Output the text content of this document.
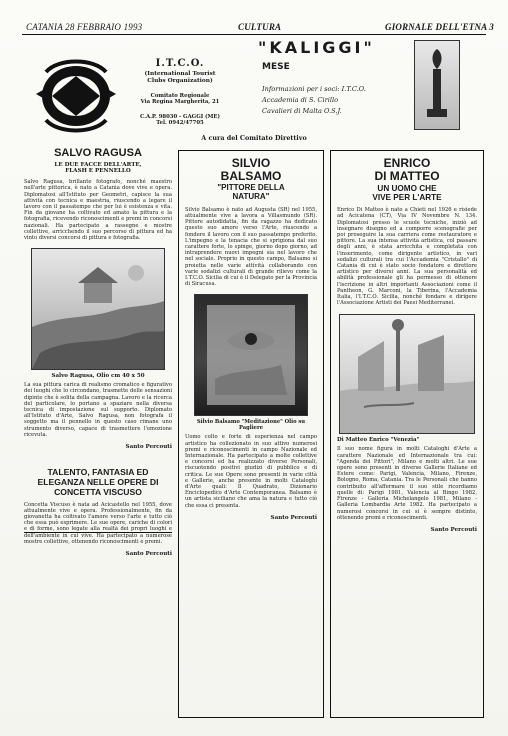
CATANIA 28 FEBBRAIO 1993	CULTURA	GIORNALE DELL'ETNA 3
I.T.C.O.
(International Tourist
Clubs Organization)
Comitato Regionale
Via Regina Margherita, 21
C.A.P. 98030 - GAGGI (ME)
Tel. 0942/47705
"KALIGGI"
MESE
Informazioni per i soci: I.T.C.O.
Accademia di S. Cirillo
Cavalieri di Malta O.S.J.
A cura del Comitato Direttivo
SALVO RAGUSA
LE DUE FACCE DELL'ARTE,
FLASH E PENNELLO
Salvo Ragusa, brillante fotografo, nonché maestro nell'arte pittorica, è nato a Catania dove vive e opera. Diplomatosi all'Istituto per Geometri, capisce la sua attività con tecnica e maestria, riuscendo a legare il lavoro con il passatempo che per lui è esistenza e vita. Fin da giovane ha coltivato ed amato la pittura e la fotografia, ricevendo riconoscimenti e premi in concorsi nazionali. Ha partecipato a rassegne e mostre collettive, arricchendo il suo percorso di pittura ed ha vinto diversi concorsi di pittura e fotografia.
Salvo Ragusa, Olio cm 40 x 50
La sua pittura carica di realismo cromatico e figurativo dei luoghi che lo circondano, trasmette delle sensazioni dipinte che è solita della campagna. Lavoro e la ricerca del particolare, lo portano a spaziare nella diversa tecnica di impostazione sul supporto. Diplomato all'Istituto d'Arte, Salvo Ragusa, non fotografa il soggetto ma il pennello in questo caso rimane uno strumento diverso, capace di trasmettere l'emozione ricevuta.
Santo Percouti
TALENTO, FANTASIA ED
ELEGANZA NELLE OPERE DI
CONCETTA VISCUSO
Concetta Viscuso è nata ad Acicastello nel 1955, dove attualmente vive e opera. Professionalmente, fin da giovanetta ha coltivato l'amore verso l'arte e tutto ciò che essa può esprimere. Le sue opere, cariche di colori e di forme, sono legate alla realtà dei propri luoghi e dell'ambiente in cui vive. Ha partecipato a numerose mostre collettive, ottenendo riconoscimenti e premi.
Santo Percouti
SILVIO
BALSAMO
"PITTORE DELLA
NATURA"
Silvio Balsamo è nato ad Augusta (SR) nel 1955, attualmente vive a lavora a Villasmundo (SR). Pittore autodidatta, fin da ragazzo ha dedicato questo suo amore verso l'Arte, riuscendo a fondere il lavoro con il suo passatempo preferito. L'impegno e la tenacia che si sprigiona dal suo carattere forte, lo spinge, giorno dopo giorno, ad intraprendere nuovi impegni sia nel lavoro che nel sociale. Proprio in questo campo, Balsamo si proietta nelle varie attività collaborando con varie sodalizi culturali di grande rilievo come la I.T.C.O. Sicilia di cui è il Delegato per la Provincia di Siracusa.
Silvio Balsamo "Meditazione" Olio su Pagliere
Uomo colto e forte di esperienza nel campo artistico ha collezionato in suo attivo numerosi premi e riconoscimenti in campo Nazionale ed Internazionale. Ha partecipato a molte collettive e concorsi ed ha realizzato diverse Personali, riscuotendo positivi giudizi di pubblico e di critica. Le sue Opere sono presenti in varie città e Gallerie, anche presente in molti Cataloghi d'Arte quali: Il Quadrato, Dizionario Enciclopedico d'Arte Contemporanea. Balsamo è un artista siciliano che ama la natura e tutto ciò che essa ci presenta.
Santo Percouti
ENRICO
DI MATTEO
UN UOMO CHE
VIVE PER L'ARTE
Enrico Di Matteo è nato a Chieti nel 1926 e risiede ad Acicatena (CT), Via IV Novembre N. 134. Diplomatosi presso le scuole tecniche, iniziò ad insegnare disegno ed a comporre scenografie per poi proseguire la sua carriera come restauratore e pittore. La sua intensa attività artistica, col passare degli anni, è stata arricchita e completata con l'inserimento, come dirigente artistico, in vari sodalizi culturali tra cui l'Accademia "Cristallo" di Catania di cui è stato socio fondatore e direttore artistico per diversi anni. La sua personalità ed abilità professionale gli ha permesso di ottenere l'iscrizione in altri importanti Associazioni come il Pantheon, G. Marconi, la Tiberina, l'Accademia Italia, l'I.T.C.O. Sicilia, nonché fondare e dirigere l'Associazione Artisti dei Paesi Mediterranei.
Di Matteo Enrico "Venezia"
Il suo nome figura in molti Cataloghi d'Arte a carattere Nazionale ed Internazionale tra cui: "Agenda dei Pittori", Milano e molti altri. Le sue opere sono presenti in diverse Gallerie Italiane ed Estere come: Parigi, Valencia, Milano, Firenze, Bologno, Roma, Catania. Tra le Personali che hanno contribuito all'affermare il suo stile ricordiamo quelle di: Parigi 1981, Valencia al Bingo 1982, Firenze - Galleria Michelangelo 1981, Milano - Galleria Lombardia Arte 1982. Ha partecipato a numerosi concorsi in cui si è sempre distinto, ottenendo premi e riconoscimenti.
Santo Percouti
